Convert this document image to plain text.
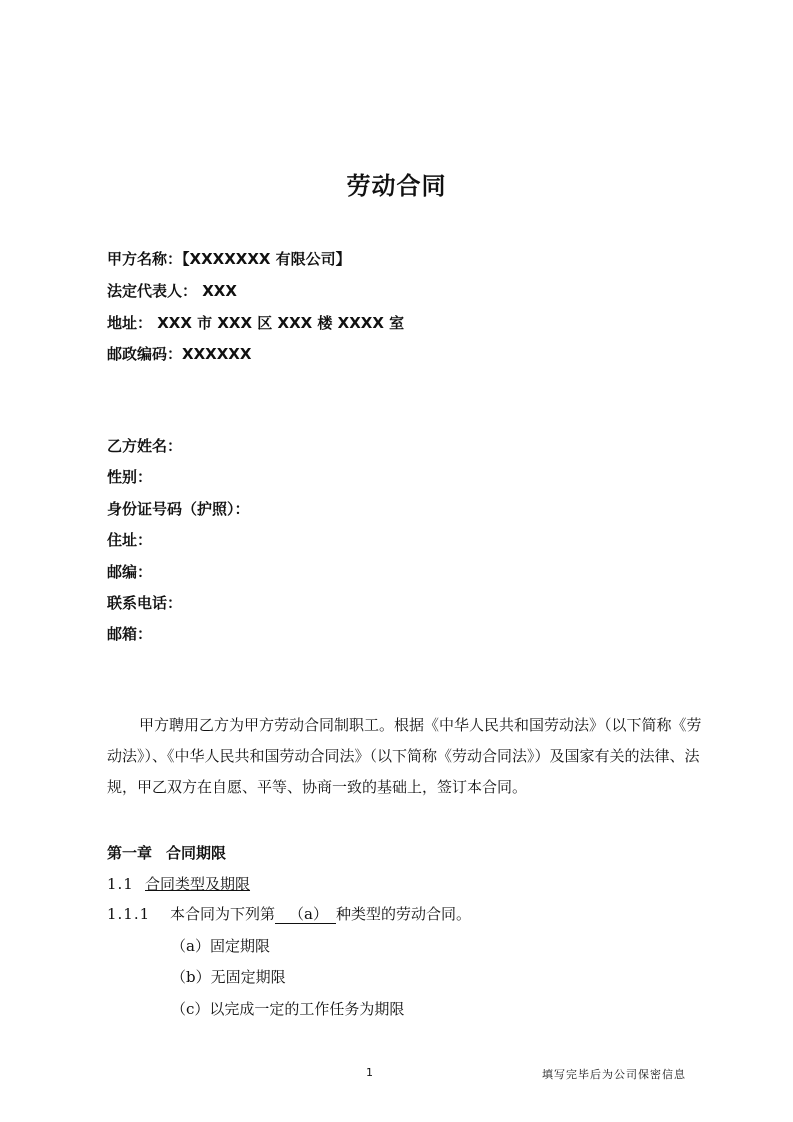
劳动合同
甲方名称：【XXXXXXX 有限公司】
法定代表人： XXX
地址： XXX 市 XXX 区 XXX 楼 XXXX 室
邮政编码：XXXXXX
乙方姓名：
性别：
身份证号码（护照）：
住址：
邮编：
联系电话：
邮箱：
甲方聘用乙方为甲方劳动合同制职工。根据《中华人民共和国劳动法》（以下简称《劳动法》）、《中华人民共和国劳动合同法》（以下简称《劳动合同法》）及国家有关的法律、法规，甲乙双方在自愿、平等、协商一致的基础上，签订本合同。
第一章 合同期限
1.1 合同类型及期限
1.1.1 本合同为下列第 （a） 种类型的劳动合同。
（a）固定期限
（b）无固定期限
（c）以完成一定的工作任务为期限
1	填写完毕后为公司保密信息
